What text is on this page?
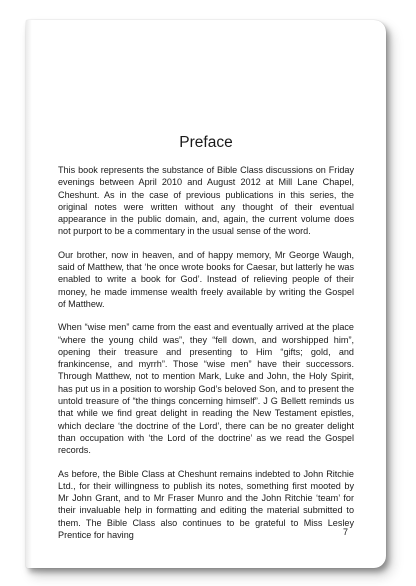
Preface

This book represents the substance of Bible Class discussions on Friday evenings between April 2010 and August 2012 at Mill Lane Chapel, Cheshunt. As in the case of previous publications in this series, the original notes were written without any thought of their eventual appearance in the public domain, and, again, the current volume does not purport to be a commentary in the usual sense of the word.

Our brother, now in heaven, and of happy memory, Mr George Waugh, said of Matthew, that ‘he once wrote books for Caesar, but latterly he was enabled to write a book for God’. Instead of relieving people of their money, he made immense wealth freely available by writing the Gospel of Matthew.

When “wise men” came from the east and eventually arrived at the place “where the young child was”, they “fell down, and worshipped him”, opening their treasure and presenting to Him “gifts; gold, and frankincense, and myrrh”. Those “wise men” have their successors. Through Matthew, not to mention Mark, Luke and John, the Holy Spirit, has put us in a position to worship God’s beloved Son, and to present the untold treasure of “the things concerning himself”. J G Bellett reminds us that while we find great delight in reading the New Testament epistles, which declare ‘the doctrine of the Lord’, there can be no greater delight than occupation with ‘the Lord of the doctrine’ as we read the Gospel records.

As before, the Bible Class at Cheshunt remains indebted to John Ritchie Ltd., for their willingness to publish its notes, something first mooted by Mr John Grant, and to Mr Fraser Munro and the John Ritchie ‘team’ for their invaluable help in formatting and editing the material submitted to them. The Bible Class also continues to be grateful to Miss Lesley Prentice for having	7
